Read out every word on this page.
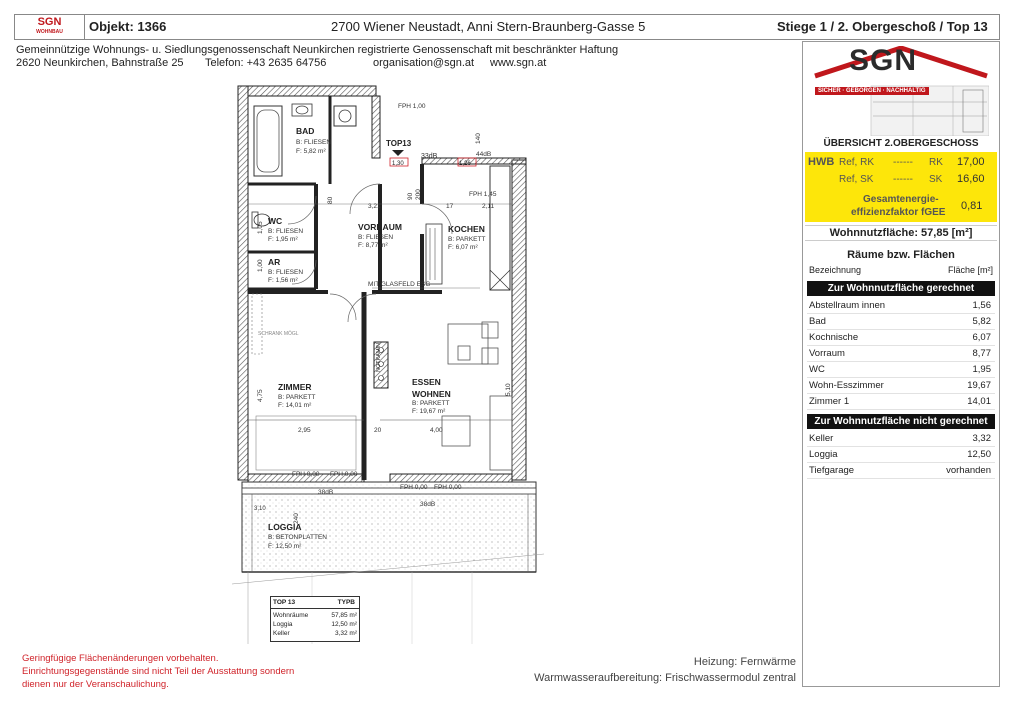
SGN
WOHNBAU Objekt: 1366	2700 Wiener Neustadt, Anni Stern-Braunberg-Gasse 5	Stiege 1 / 2. Obergeschoß / Top 13
Gemeinnützige Wohnungs- u. Siedlungsgenossenschaft Neunkirchen registrierte Genossenschaft mit beschränkter Haftung
2620 Neunkirchen, Bahnstraße 25 Telefon: +43 2635 64756	organisation@sgn.at www.sgn.at
BAD
WC
AR
VORRAUM	KOCHEN
ZIMMER	ESSEN
WOHNEN
LOGGIA
B: FLIESEN
F: 5,82 m²
B: FLIESEN
F: 1,95 m²
B: FLIESEN
F: 1,56 m²
B: FLIESEN
F: 8,77 m²
B: PARKETT
F: 6,07 m²
B: PARKETT
F: 14,01 m²	B: PARKETT
F: 19,67 m²
B: BETONPLATTEN
F: 12,50 m²
FPH 1,00
TOP13
33dB	44dB
1,30	1,26
FPH 1,45
2,11
3,21	17
MIT GLASFELD ESG
SCHRANK MÖGL
2,95	4,00
20
FPH 0,00 FPH 0,00
FPH 0,00 FPH 0,00
38dB
38dB
3,10
NOTKAMIN
4,75	5,10
1,05
1,00
90 200
80
140
240
TOP 13	TYPB
Wohnräume	57,85 m²
Loggia	12,50 m²
Keller	3,32 m²
SGN
SICHER · GEBORGEN · NACHHALTIG
ÜBERSICHT 2.OBERGESCHOSS
HWB Ref, RK ------ RK 17,00
Ref, SK ------ SK 16,60
Gesamtenergie-
effizienzfaktor fGEE
0,81
Wohnnutzfläche: 57,85 [m²]
Räume bzw. Flächen
Bezeichnung	Fläche [m²]
Zur Wohnnutzfläche gerechnet
Abstellraum innen	1,56
Bad	5,82
Kochnische	6,07
Vorraum	8,77
WC	1,95
Wohn-Esszimmer	19,67
Zimmer 1	14,01
Zur Wohnnutzfläche nicht gerechnet
Keller	3,32
Loggia	12,50
Tiefgarage	vorhanden
Geringfügige Flächenänderungen vorbehalten.
Einrichtungsgegenstände sind nicht Teil der Ausstattung sondern
dienen nur der Veranschaulichung.
Heizung: Fernwärme
Warmwasseraufbereitung: Frischwassermodul zentral
